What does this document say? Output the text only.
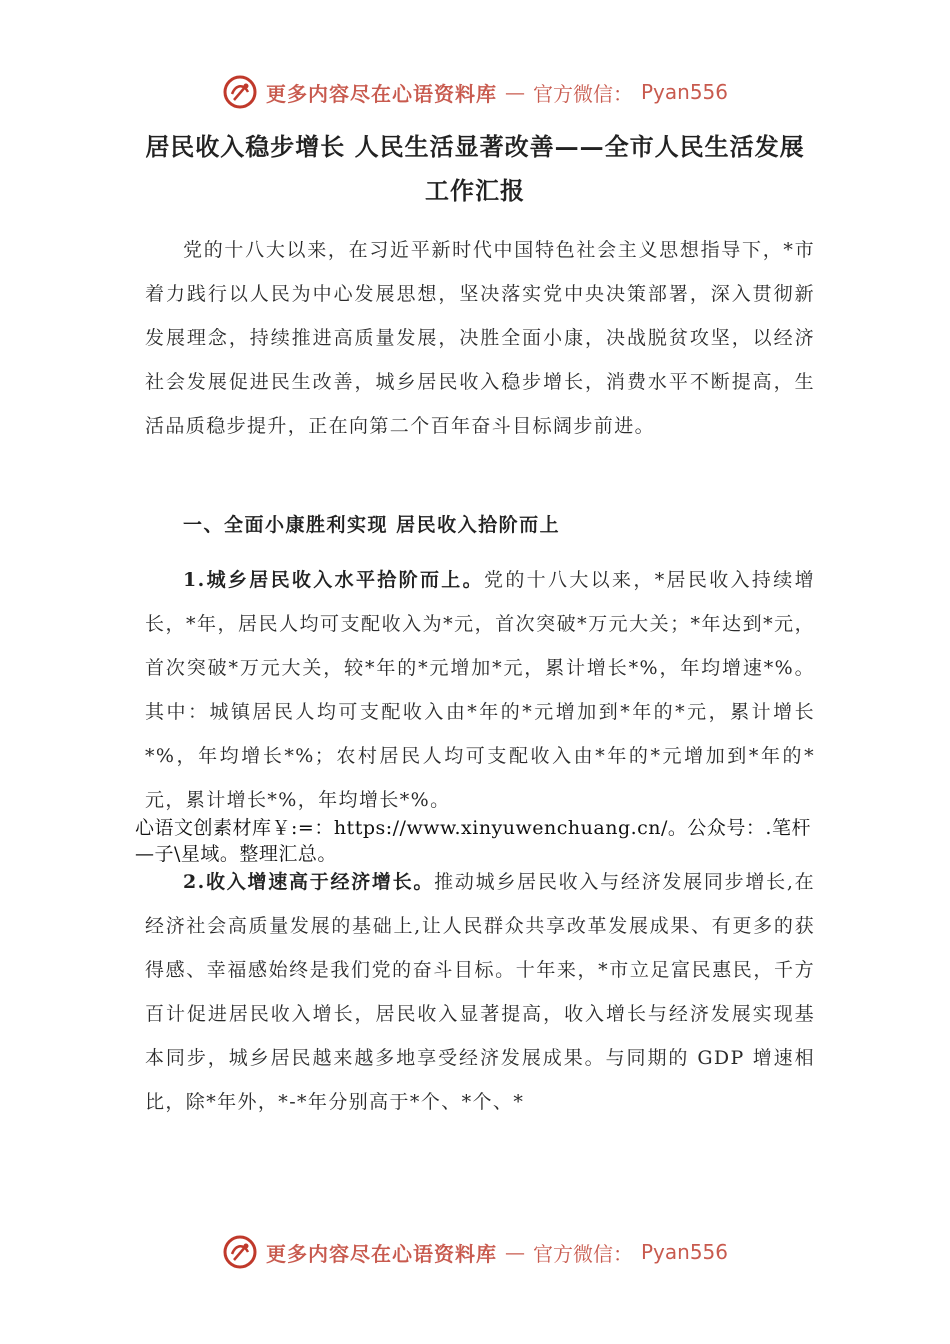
更多内容尽在心语资料库 — 官方微信： Pyan556
居民收入稳步增长 人民生活显著改善——全市人民生活发展工作汇报
党的十八大以来，在习近平新时代中国特色社会主义思想指导下，*市着力践行以人民为中心发展思想，坚决落实党中央决策部署，深入贯彻新发展理念，持续推进高质量发展，决胜全面小康，决战脱贫攻坚，以经济社会发展促进民生改善，城乡居民收入稳步增长，消费水平不断提高，生活品质稳步提升，正在向第二个百年奋斗目标阔步前进。
一、全面小康胜利实现 居民收入拾阶而上
1.城乡居民收入水平拾阶而上。党的十八大以来，*居民收入持续增长，*年，居民人均可支配收入为*元，首次突破*万元大关；*年达到*元，首次突破*万元大关，较*年的*元增加*元，累计增长*%，年均增速*%。其中：城镇居民人均可支配收入由*年的*元增加到*年的*元，累计增长*%，年均增长*%；农村居民人均可支配收入由*年的*元增加到*年的*元，累计增长*%，年均增长*%。
心语文创素材库￥:=：https://www.xinyuwenchuang.cn/。公众号：.笔杆—子\星域。整理汇总。
2.收入增速高于经济增长。推动城乡居民收入与经济发展同步增长,在经济社会高质量发展的基础上,让人民群众共享改革发展成果、有更多的获得感、幸福感始终是我们党的奋斗目标。十年来，*市立足富民惠民，千方百计促进居民收入增长，居民收入显著提高，收入增长与经济发展实现基本同步，城乡居民越来越多地享受经济发展成果。与同期的 GDP 增速相比，除*年外，*-*年分别高于*个、*个、*
更多内容尽在心语资料库 — 官方微信： Pyan556
